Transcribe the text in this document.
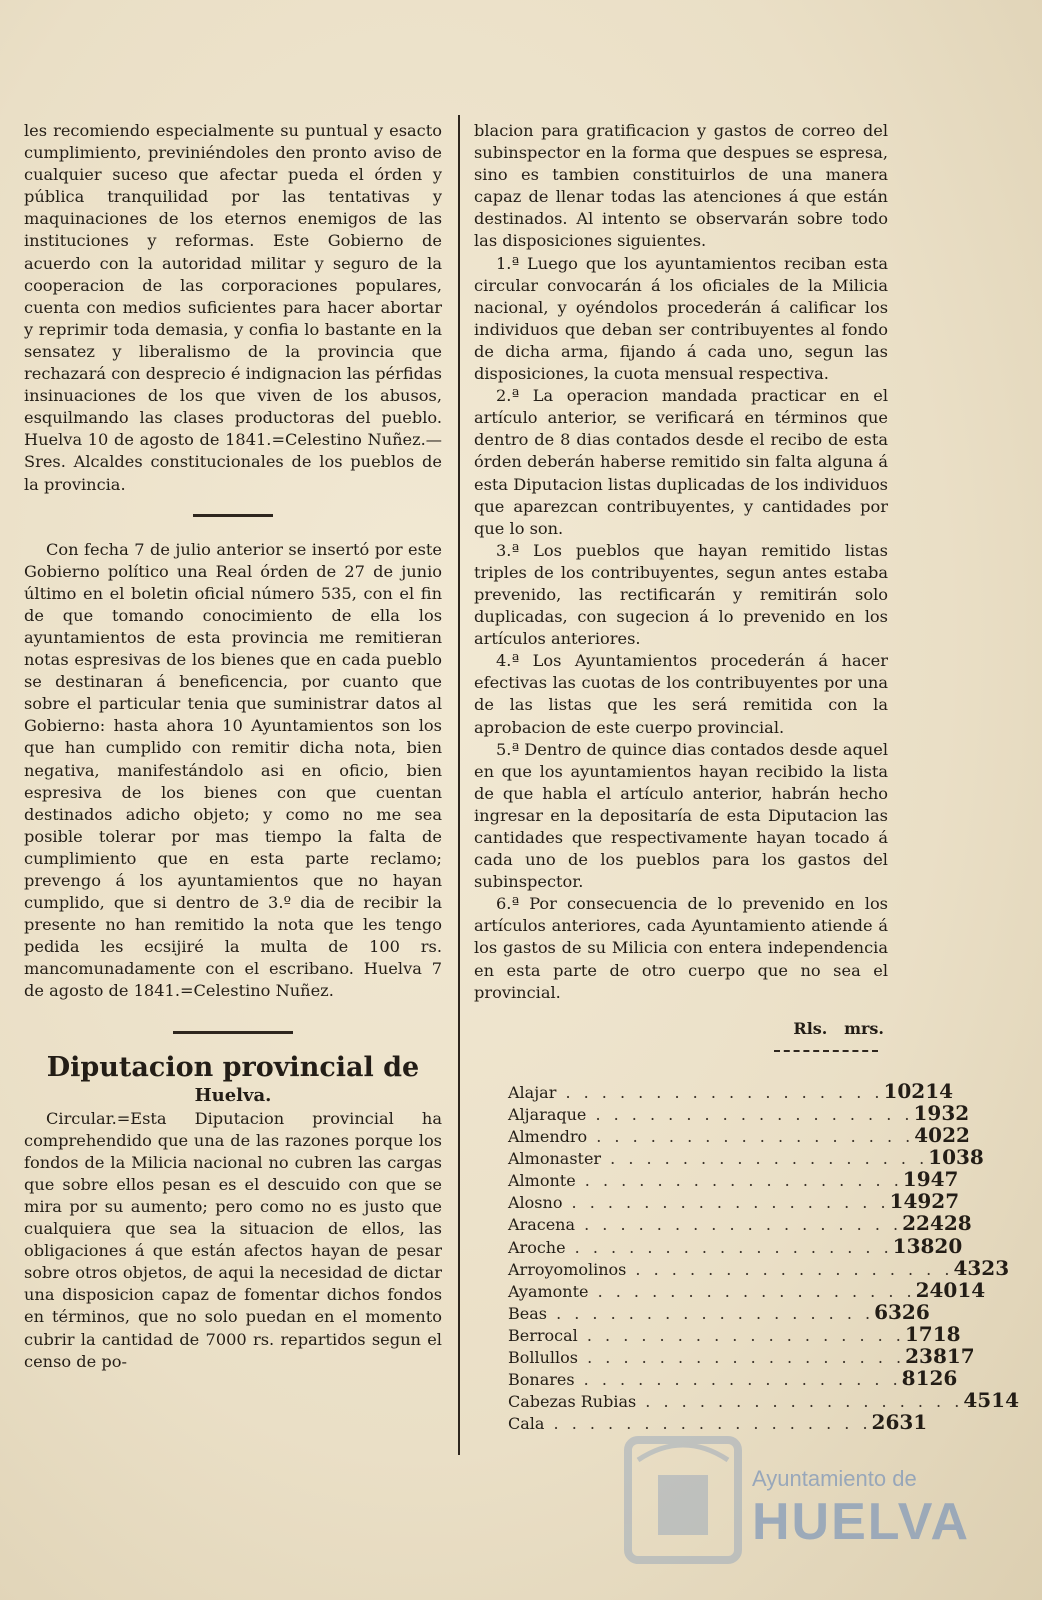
les recomiendo especialmente su puntual y esacto cumplimiento, previniéndoles den pronto aviso de cualquier suceso que afectar pueda el órden y pública tranquilidad por las tentativas y maquinaciones de los eternos enemigos de las instituciones y reformas. Este Gobierno de acuerdo con la autoridad militar y seguro de la cooperacion de las corporaciones populares, cuenta con medios suficientes para hacer abortar y reprimir toda demasia, y confia lo bastante en la sensatez y liberalismo de la provincia que rechazará con desprecio é indignacion las pérfidas insinuaciones de los que viven de los abusos, esquilmando las clases productoras del pueblo. Huelva 10 de agosto de 1841.=Celestino Nuñez.—Sres. Alcaldes constitucionales de los pueblos de la provincia.

Con fecha 7 de julio anterior se insertó por este Gobierno político una Real órden de 27 de junio último en el boletin oficial número 535, con el fin de que tomando conocimiento de ella los ayuntamientos de esta provincia me remitieran notas espresivas de los bienes que en cada pueblo se destinaran á beneficencia, por cuanto que sobre el particular tenia que suministrar datos al Gobierno: hasta ahora 10 Ayuntamientos son los que han cumplido con remitir dicha nota, bien negativa, manifestándolo asi en oficio, bien espresiva de los bienes con que cuentan destinados adicho objeto; y como no me sea posible tolerar por mas tiempo la falta de cumplimiento que en esta parte reclamo; prevengo á los ayuntamientos que no hayan cumplido, que si dentro de 3.º dia de recibir la presente no han remitido la nota que les tengo pedida les ecsijiré la multa de 100 rs. mancomunadamente con el escribano. Huelva 7 de agosto de 1841.=Celestino Nuñez.

Diputacion provincial de

Huelva.

Circular.=Esta Diputacion provincial ha comprehendido que una de las razones porque los fondos de la Milicia nacional no cubren las cargas que sobre ellos pesan es el descuido con que se mira por su aumento; pero como no es justo que cualquiera que sea la situacion de ellos, las obligaciones á que están afectos hayan de pesar sobre otros objetos, de aqui la necesidad de dictar una disposicion capaz de fomentar dichos fondos en términos, que no solo puedan en el momento cubrir la cantidad de 7000 rs. repartidos segun el censo de po-

blacion para gratificacion y gastos de correo del subinspector en la forma que despues se espresa, sino es tambien constituirlos de una manera capaz de llenar todas las atenciones á que están destinados. Al intento se observarán sobre todo las disposiciones siguientes.

1.ª Luego que los ayuntamientos reciban esta circular convocarán á los oficiales de la Milicia nacional, y oyéndolos procederán á calificar los individuos que deban ser contribuyentes al fondo de dicha arma, fijando á cada uno, segun las disposiciones, la cuota mensual respectiva.

2.ª La operacion mandada practicar en el artículo anterior, se verificará en términos que dentro de 8 dias contados desde el recibo de esta órden deberán haberse remitido sin falta alguna á esta Diputacion listas duplicadas de los individuos que aparezcan contribuyentes, y cantidades por que lo son.

3.ª Los pueblos que hayan remitido listas triples de los contribuyentes, segun antes estaba prevenido, las rectificarán y remitirán solo duplicadas, con sugecion á lo prevenido en los artículos anteriores.

4.ª Los Ayuntamientos procederán á hacer efectivas las cuotas de los contribuyentes por una de las listas que les será remitida con la aprobacion de este cuerpo provincial.

5.ª Dentro de quince dias contados desde aquel en que los ayuntamientos hayan recibido la lista de que habla el artículo anterior, habrán hecho ingresar en la depositaría de esta Diputacion las cantidades que respectivamente hayan tocado á cada uno de los pueblos para los gastos del subinspector.

6.ª Por consecuencia de lo prevenido en los artículos anteriores, cada Ayuntamiento atiende á los gastos de su Milicia con entera independencia en esta parte de otro cuerpo que no sea el provincial.

Rls. mrs.
Alajar . . . . . . . . . . . . . . . . . . 102 14
Aljaraque . . . . . . . . . . . . . . . . . . 19 32
Almendro . . . . . . . . . . . . . . . . . . 40 22
Almonaster . . . . . . . . . . . . . . . . . . 103 8
Almonte . . . . . . . . . . . . . . . . . . 194 7
Alosno . . . . . . . . . . . . . . . . . . 149 27
Aracena . . . . . . . . . . . . . . . . . . 224 28
Aroche . . . . . . . . . . . . . . . . . . 138 20
Arroyomolinos . . . . . . . . . . . . . . . . . . 43 23
Ayamonte . . . . . . . . . . . . . . . . . . 240 14
Beas . . . . . . . . . . . . . . . . . . 63 26
Berrocal . . . . . . . . . . . . . . . . . . 17 18
Bollullos . . . . . . . . . . . . . . . . . . 238 17
Bonares . . . . . . . . . . . . . . . . . . 81 26
Cabezas Rubias . . . . . . . . . . . . . . . . . . 45 14
Cala . . . . . . . . . . . . . . . . . . 26 31
Ayuntamiento de
HUELVA
